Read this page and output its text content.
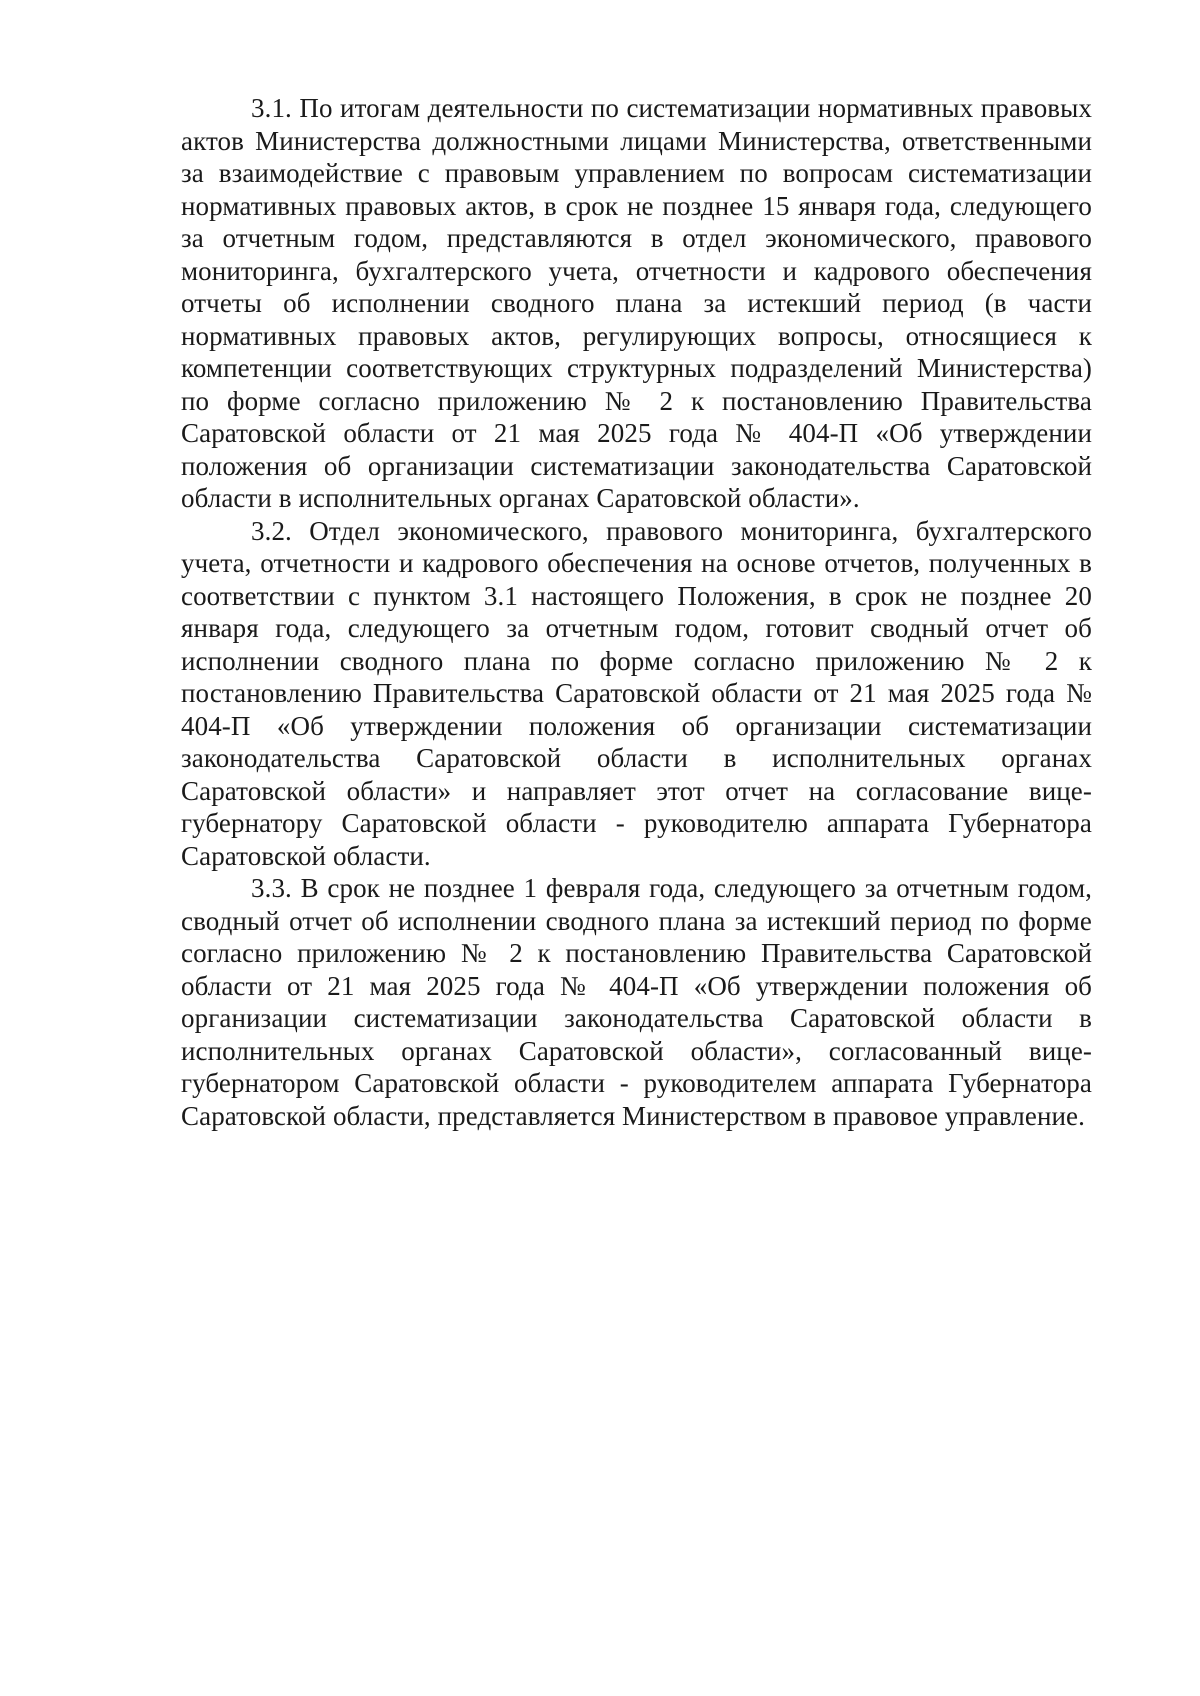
3.1. По итогам деятельности по систематизации нормативных правовых актов Министерства должностными лицами Министерства, ответственными за взаимодействие с правовым управлением по вопросам систематизации нормативных правовых актов, в срок не позднее 15 января года, следующего за отчетным годом, представляются в отдел экономического, правового мониторинга, бухгалтерского учета, отчетности и кадрового обеспечения отчеты об исполнении сводного плана за истекший период (в части нормативных правовых актов, регулирующих вопросы, относящиеся к компетенции соответствующих структурных подразделений Министерства) по форме согласно приложению № 2 к постановлению Правительства Саратовской области от 21 мая 2025 года № 404-П «Об утверждении положения об организации систематизации законодательства Саратовской области в исполнительных органах Саратовской области».

3.2. Отдел экономического, правового мониторинга, бухгалтерского учета, отчетности и кадрового обеспечения на основе отчетов, полученных в соответствии с пунктом 3.1 настоящего Положения, в срок не позднее 20 января года, следующего за отчетным годом, готовит сводный отчет об исполнении сводного плана по форме согласно приложению № 2 к постановлению Правительства Саратовской области от 21 мая 2025 года № 404-П «Об утверждении положения об организации систематизации законодательства Саратовской области в исполнительных органах Саратовской области» и направляет этот отчет на согласование вице-губернатору Саратовской области - руководителю аппарата Губернатора Саратовской области.

3.3. В срок не позднее 1 февраля года, следующего за отчетным годом, сводный отчет об исполнении сводного плана за истекший период по форме согласно приложению № 2 к постановлению Правительства Саратовской области от 21 мая 2025 года № 404-П «Об утверждении положения об организации систематизации законодательства Саратовской области в исполнительных органах Саратовской области», согласованный вице-губернатором Саратовской области - руководителем аппарата Губернатора Саратовской области, представляется Министерством в правовое управление.
